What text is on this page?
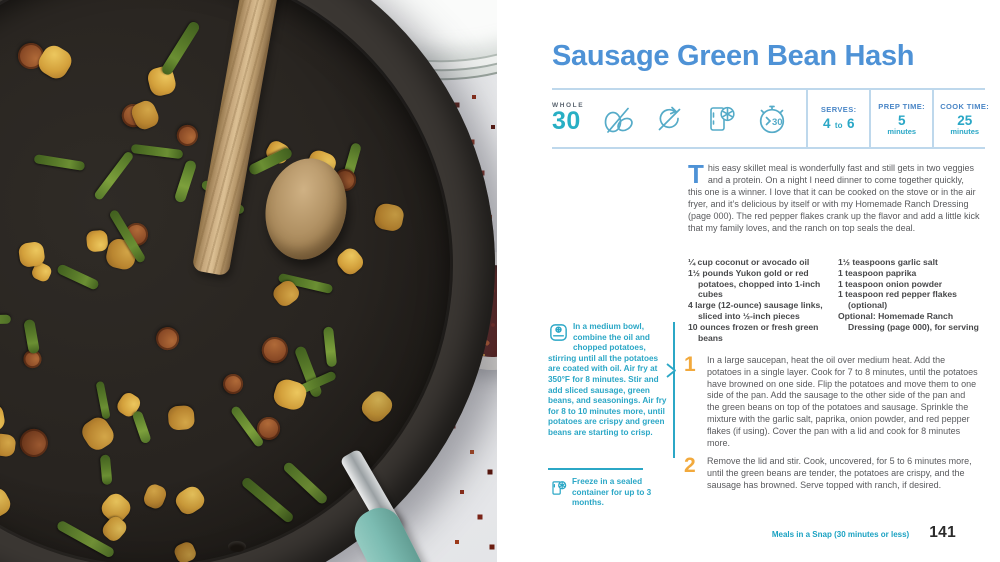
Sausage Green Bean Hash
WHOLE
30	30
SERVES:
4 to 6
PREP TIME:
5
minutes
COOK TIME:
25
minutes

This easy skillet meal is wonderfully fast and still gets in two veggies and a protein. On a night I need dinner to come together quickly, this one is a winner. I love that it can be cooked on the stove or in the air fryer, and it’s delicious by itself or with my Homemade Ranch Dressing (page 000). The red pepper flakes crank up the flavor and add a little kick that my family loves, and the ranch on top seals the deal.

¼ cup coconut or avocado oil
1½ pounds Yukon gold or red potatoes, chopped into 1-inch cubes
4 large (12-ounce) sausage links, sliced into ½-inch pieces
10 ounces frozen or fresh green beans
1½ teaspoons garlic salt
1 teaspoon paprika
1 teaspoon onion powder
1 teaspoon red pepper flakes (optional)
Optional: Homemade Ranch Dressing (page 000), for serving
1	In a large saucepan, heat the oil over medium heat. Add the potatoes in a single layer. Cook for 7 to 8 minutes, until the potatoes have browned on one side. Flip the potatoes and move them to one side of the pan. Add the sausage to the other side of the pan and the green beans on top of the potatoes and sausage. Sprinkle the mixture with the garlic salt, paprika, onion powder, and red pepper flakes (if using). Cover the pan with a lid and cook for 8 minutes more.

2	Remove the lid and stir. Cook, uncovered, for 5 to 6 minutes more, until the green beans are tender, the potatoes are crispy, and the sausage has browned. Serve topped with ranch, if desired.

In a medium bowl, combine the oil and chopped potatoes, stirring until all the potatoes are coated with oil. Air fry at 350°F for 8 minutes. Stir and add sliced sausage, green beans, and seasonings. Air fry for 8 to 10 minutes more, until potatoes are crispy and green beans are starting to crisp.
Freeze in a sealed container for up to 3 months.
Meals in a Snap (30 minutes or less) 141
